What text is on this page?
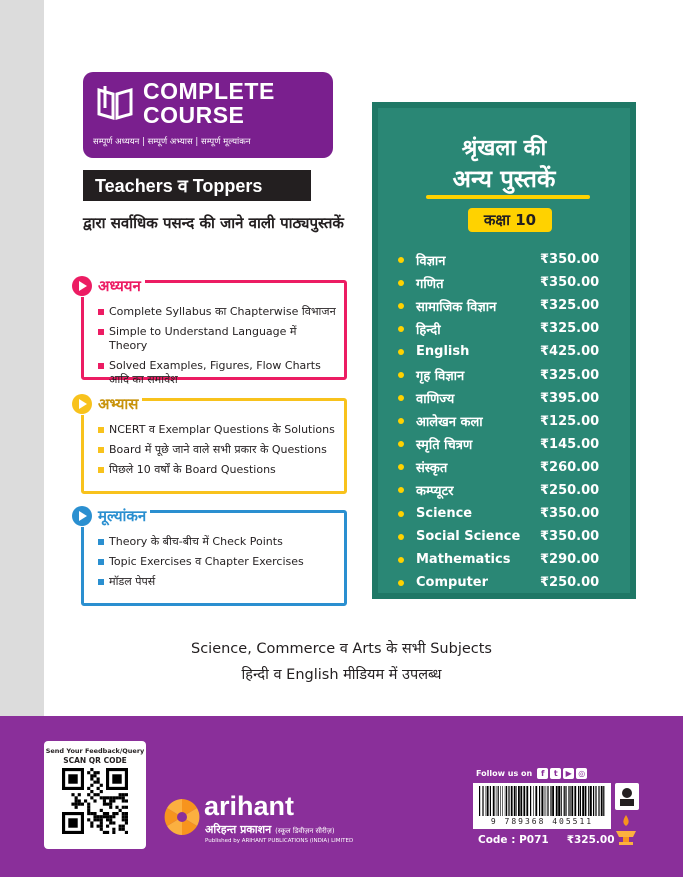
COMPLETE
COURSE
सम्पूर्ण अध्ययन | सम्पूर्ण अभ्यास | सम्पूर्ण मूल्यांकन
Teachers व Toppers
द्वारा सर्वाधिक पसन्द की जाने वाली पाठ्यपुस्तकें
अध्ययन
Complete Syllabus का Chapterwise विभाजन
Simple to Understand Language में Theory
Solved Examples, Figures, Flow Charts आदि का समावेश
अभ्यास
NCERT व Exemplar Questions के Solutions
Board में पूछे जाने वाले सभी प्रकार के Questions
पिछले 10 वर्षों के Board Questions
मूल्यांकन
Theory के बीच-बीच में Check Points
Topic Exercises व Chapter Exercises
मॉडल पेपर्स
श्रृंखला की
अन्य पुस्तकें
कक्षा 10
विज्ञान	₹350.00
गणित	₹350.00
सामाजिक विज्ञान	₹325.00
हिन्दी	₹325.00
English	₹425.00
गृह विज्ञान	₹325.00
वाणिज्य	₹395.00
आलेखन कला	₹125.00
स्मृति चित्रण	₹145.00
संस्कृत	₹260.00
कम्प्यूटर	₹250.00
Science	₹350.00
Social Science	₹350.00
Mathematics	₹290.00
Computer	₹250.00
Science, Commerce व Arts के सभी Subjects
हिन्दी व English मीडियम में उपलब्ध
Send Your Feedback/Query
SCAN QR CODE
arihant
अरिहन्त प्रकाशन (स्कूल डिवीज़न सीरीज़)
Published by ARIHANT PUBLICATIONS (INDIA) LIMITED
Follow us on	f	t	▶ ◎
9 789368 405511
Code : P071 ₹325.00
